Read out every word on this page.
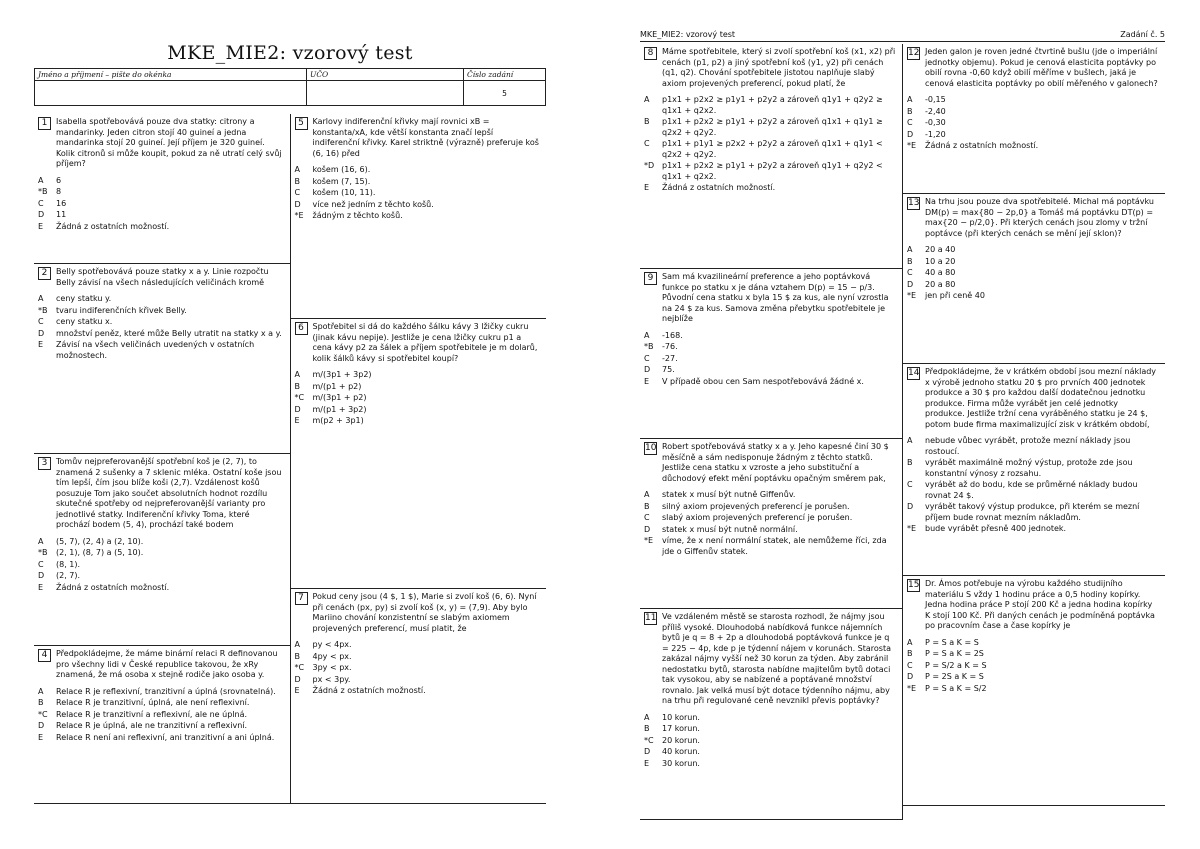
MKE_MIE2: vzorový test
Jméno a příjmení – pište do okénka	UČO	Číslo zadání
		5
1	Isabella spotřebovává pouze dva statky: citrony a mandarinky. Jeden citron stojí 40 guineí a jedna mandarinka stojí 20 guineí. Její příjem je 320 guineí. Kolik citronů si může koupit, pokud za ně utratí celý svůj příjem?
A	6
*B	8
C	16
D	11
E	Žádná z ostatních možností.
2	Belly spotřebovává pouze statky x a y. Linie rozpočtu Belly závisí na všech následujících veličinách kromě
A	ceny statku y.
*B	tvaru indiferenčních křivek Belly.
C	ceny statku x.
D	množství peněz, které může Belly utratit na statky x a y.
E	Závisí na všech veličinách uvedených v ostatních možnostech.
3	Tomův nejpreferovanější spotřební koš je (2, 7), to znamená 2 sušenky a 7 sklenic mléka. Ostatní koše jsou tím lepší, čím jsou blíže koši (2,7). Vzdálenost košů posuzuje Tom jako součet absolutních hodnot rozdílu skutečné spotřeby od nejpreferovanější varianty pro jednotlivé statky. Indiferenční křivky Toma, které prochází bodem (5, 4), prochází také bodem
A	(5, 7), (2, 4) a (2, 10).
*B	(2, 1), (8, 7) a (5, 10).
C	(8, 1).
D	(2, 7).
E	Žádná z ostatních možností.
4	Předpokládejme, že máme binární relaci R definovanou pro všechny lidi v České republice takovou, že xRy znamená, že má osoba x stejně rodiče jako osoba y.
A	Relace R je reflexivní, tranzitivní a úplná (srovnatelná).
B	Relace R je tranzitivní, úplná, ale není reflexivní.
*C	Relace R je tranzitivní a reflexivní, ale ne úplná.
D	Relace R je úplná, ale ne tranzitivní a reflexivní.
E	Relace R není ani reflexivní, ani tranzitivní a ani úplná.
5	Karlovy indiferenční křivky mají rovnici xB = konstanta/xA, kde větší konstanta značí lepší indiferenční křivky. Karel striktně (výrazně) preferuje koš (6, 16) před
A	košem (16, 6).
B	košem (7, 15).
C	košem (10, 11).
D	více než jedním z těchto košů.
*E	žádným z těchto košů.
6	Spotřebitel si dá do každého šálku kávy 3 lžičky cukru (jinak kávu nepije). Jestliže je cena lžičky cukru p1 a cena kávy p2 za šálek a příjem spotřebitele je m dolarů, kolik šálků kávy si spotřebitel koupí?
A	m/(3p1 + 3p2)
B	m/(p1 + p2)
*C	m/(3p1 + p2)
D	m/(p1 + 3p2)
E	m(p2 + 3p1)
7	Pokud ceny jsou (4 $, 1 $), Marie si zvolí koš (6, 6). Nyní při cenách (px, py) si zvolí koš (x, y) = (7,9). Aby bylo Mariino chování konzistentní se slabým axiomem projevených preferencí, musí platit, že
A	py < 4px.
B	4py < px.
*C	3py < px.
D	px < 3py.
E	Žádná z ostatních možností.
MKE_MIE2: vzorový test	Zadání č. 5
8	Máme spotřebitele, který si zvolí spotřební koš (x1, x2) při cenách (p1, p2) a jiný spotřební koš (y1, y2) při cenách (q1, q2). Chování spotřebitele jistotou naplňuje slabý axiom projevených preferencí, pokud platí, že
A	p1x1 + p2x2 ≥ p1y1 + p2y2 a zároveň q1y1 + q2y2 ≥ q1x1 + q2x2.
B	p1x1 + p2x2 ≥ p1y1 + p2y2 a zároveň q1x1 + q1y1 ≥ q2x2 + q2y2.
C	p1x1 + p1y1 ≥ p2x2 + p2y2 a zároveň q1x1 + q1y1 < q2x2 + q2y2.
*D p1x1 + p2x2 ≥ p1y1 + p2y2 a zároveň q1y1 + q2y2 < q1x1 + q2x2.
E	Žádná z ostatních možností.
9	Sam má kvazilineární preference a jeho poptávková funkce po statku x je dána vztahem D(p) = 15 − p/3. Původní cena statku x byla 15 $ za kus, ale nyní vzrostla na 24 $ za kus. Samova změna přebytku spotřebitele je nejblíže
A	-168.
*B	-76.
C	-27.
D	75.
E	V případě obou cen Sam nespotřebovává žádné x.
10 Robert spotřebovává statky x a y. Jeho kapesné činí 30 $ měsíčně a sám nedisponuje žádným z těchto statků. Jestliže cena statku x vzroste a jeho substituční a důchodový efekt mění poptávku opačným směrem pak,
A	statek x musí být nutně Giffenův.
B	silný axiom projevených preferencí je porušen.
C	slabý axiom projevených preferencí je porušen.
D	statek x musí být nutně normální.
*E	víme, že x není normální statek, ale nemůžeme říci, zda jde o Giffenův statek.
11 Ve vzdáleném městě se starosta rozhodl, že nájmy jsou příliš vysoké. Dlouhodobá nabídková funkce nájemních bytů je q = 8 + 2p a dlouhodobá poptávková funkce je q = 225 − 4p, kde p je týdenní nájem v korunách. Starosta zakázal nájmy vyšší než 30 korun za týden. Aby zabránil nedostatku bytů, starosta nabídne majitelům bytů dotaci tak vysokou, aby se nabízené a poptávané množství rovnalo. Jak velká musí být dotace týdenního nájmu, aby na trhu při regulované ceně nevznikl převis poptávky?
A	10 korun.
B	17 korun.
*C	20 korun.
D	40 korun.
E	30 korun.
12 Jeden galon je roven jedné čtvrtině bušlu (jde o imperiální jednotky objemu). Pokud je cenová elasticita poptávky po obilí rovna -0,60 když obilí měříme v bušlech, jaká je cenová elasticita poptávky po obilí měřeného v galonech?
A	-0,15
B	-2,40
C	-0,30
D	-1,20
*E	Žádná z ostatních možností.
13 Na trhu jsou pouze dva spotřebitelé. Michal má poptávku DM(p) = max{80 − 2p,0} a Tomáš má poptávku DT(p) = max{20 − p/2,0}. Při kterých cenách jsou zlomy v tržní poptávce (při kterých cenách se mění její sklon)?
A	20 a 40
B	10 a 20
C	40 a 80
D	20 a 80
*E	jen při ceně 40
14 Předpokládejme, že v krátkém období jsou mezní náklady x výrobě jednoho statku 20 $ pro prvních 400 jednotek produkce a 30 $ pro každou další dodatečnou jednotku produkce. Firma může vyrábět jen celé jednotky produkce. Jestliže tržní cena vyráběného statku je 24 $, potom bude firma maximalizující zisk v krátkém období,
A	nebude vůbec vyrábět, protože mezní náklady jsou rostoucí.
B	vyrábět maximálně možný výstup, protože zde jsou konstantní výnosy z rozsahu.
C	vyrábět až do bodu, kde se průměrné náklady budou rovnat 24 $.
D	vyrábět takový výstup produkce, při kterém se mezní příjem bude rovnat mezním nákladům.
*E	bude vyrábět přesně 400 jednotek.
15 Dr. Ámos potřebuje na výrobu každého studijního materiálu S vždy 1 hodinu práce a 0,5 hodiny kopírky. Jedna hodina práce P stojí 200 Kč a jedna hodina kopírky K stojí 100 Kč. Při daných cenách je podmíněná poptávka po pracovním čase a čase kopírky je
A	P = S a K = S
B	P = S a K = 2S
C	P = S/2 a K = S
D	P = 2S a K = S
*E	P = S a K = S/2
